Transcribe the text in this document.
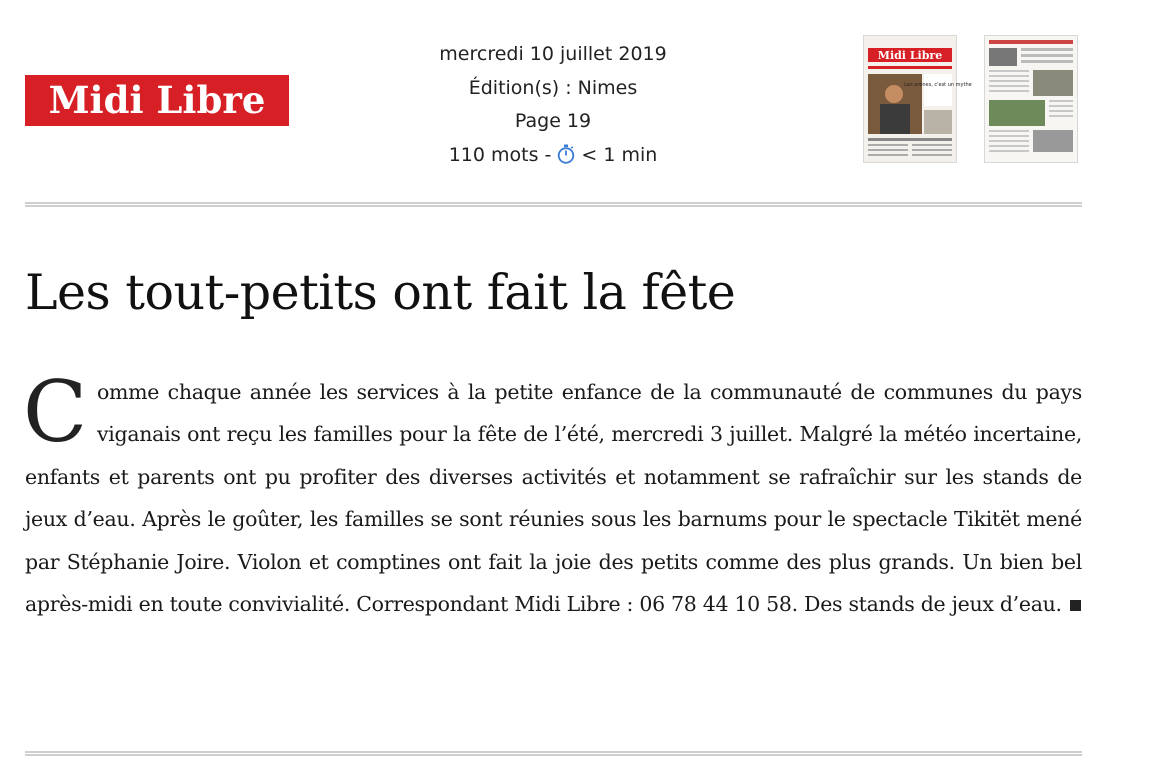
Midi Libre
mercredi 10 juillet 2019
Édition(s) : Nimes
Page 19
110 mots - < 1 min
Midi Libre
Les arènes, c'est un mythe
Les tout-petits ont fait la fête

Comme chaque année les services à la petite enfance de la communauté de communes du pays viganais ont reçu les familles pour la fête de l’été, mercredi 3 juillet. Malgré la météo incertaine, enfants et parents ont pu profiter des diverses activités et notamment se rafraîchir sur les stands de jeux d’eau. Après le goûter, les familles se sont réunies sous les barnums pour le spectacle Tikitët mené par Stéphanie Joire. Violon et comptines ont fait la joie des petits comme des plus grands. Un bien bel après-midi en toute convivialité. Correspondant Midi Libre : 06 78 44 10 58. Des stands de jeux d’eau.
